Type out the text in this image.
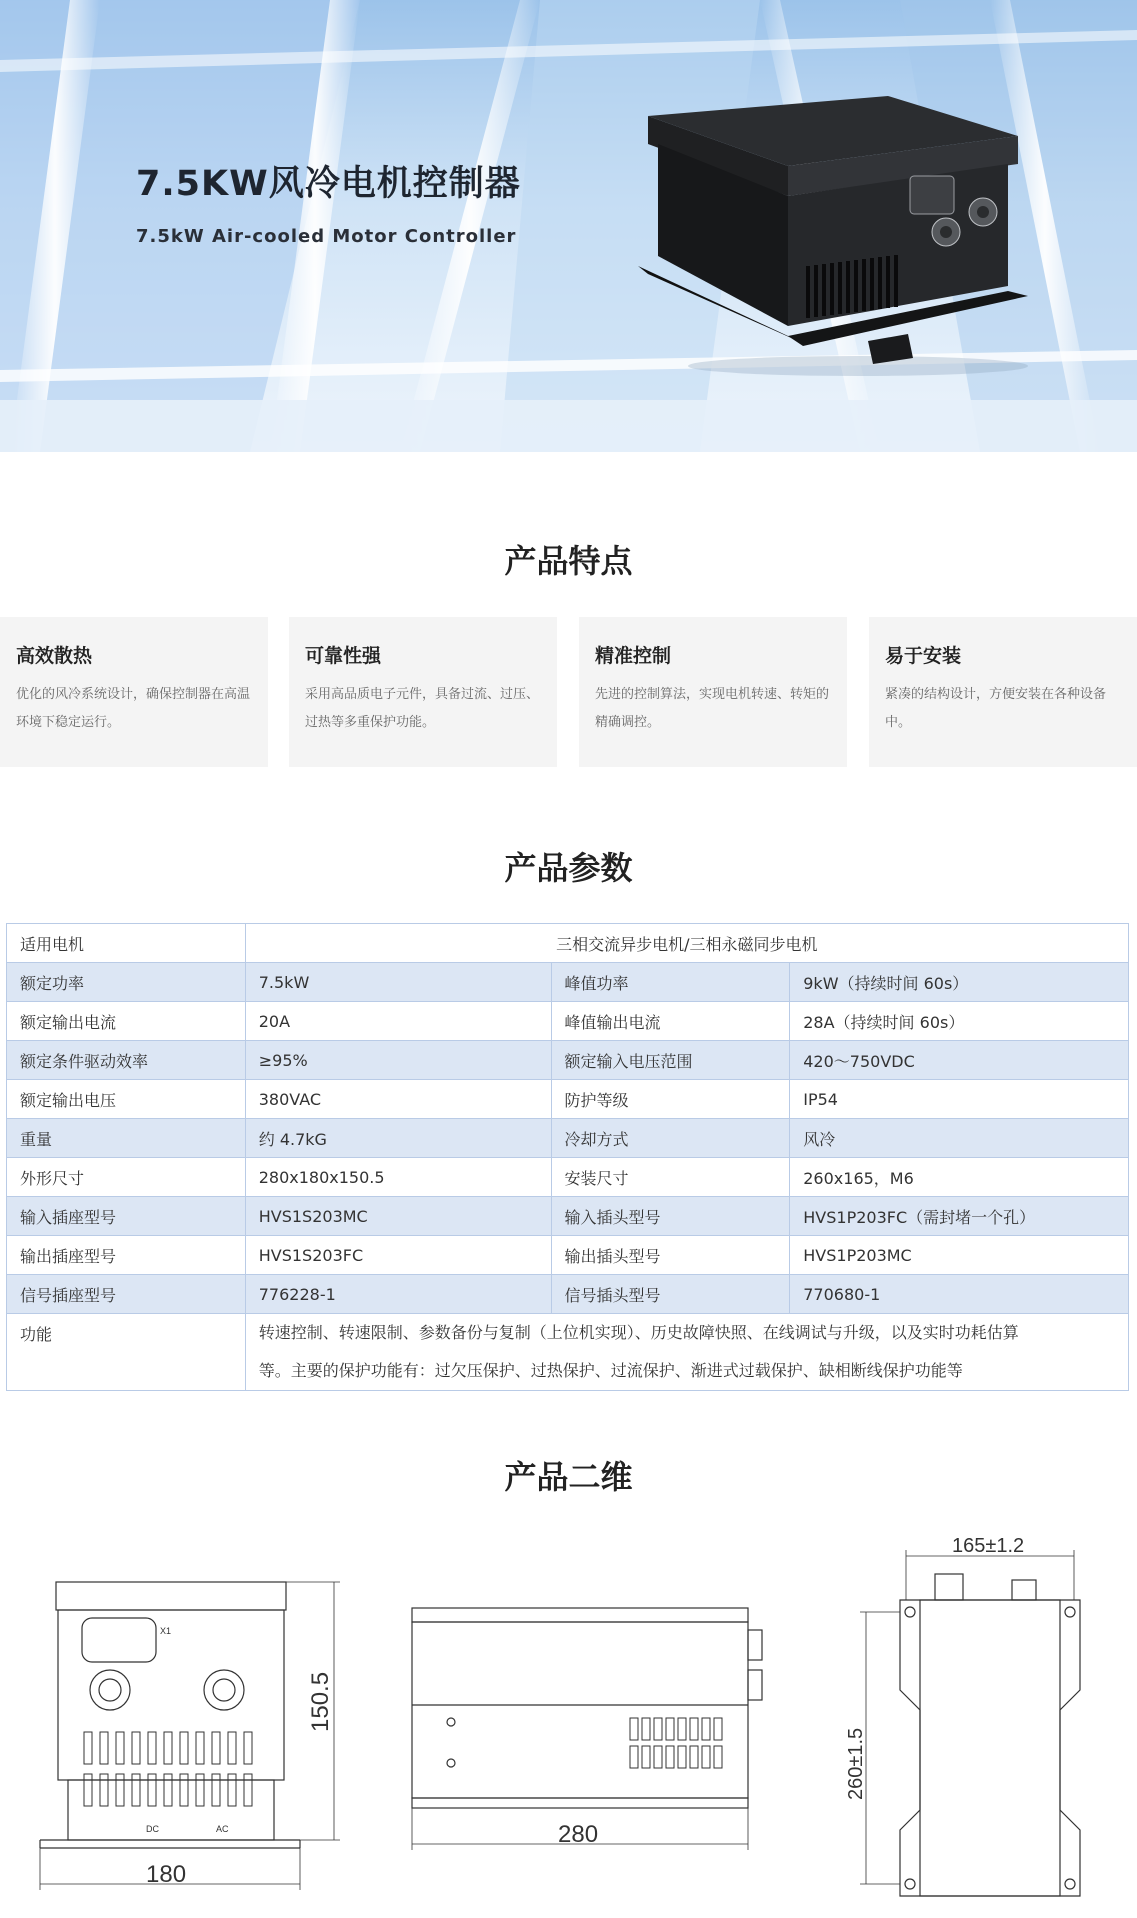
7.5KW风冷电机控制器
7.5kW Air-cooled Motor Controller
产品特点
高效散热
优化的风冷系统设计，确保控制器在高温环境下稳定运行。
可靠性强
采用高品质电子元件，具备过流、过压、过热等多重保护功能。
精准控制
先进的控制算法，实现电机转速、转矩的精确调控。
易于安装
紧凑的结构设计，方便安装在各种设备中。
产品参数
适用电机	三相交流异步电机/三相永磁同步电机		
额定功率	7.5kW	峰值功率	9kW（持续时间 60s）
额定输出电流	20A	峰值输出电流	28A（持续时间 60s）
额定条件驱动效率	≥95%	额定输入电压范围	420～750VDC
额定输出电压	380VAC	防护等级	IP54
重量	约 4.7kG	冷却方式	风冷
外形尺寸	280x180x150.5	安装尺寸	260x165，M6
输入插座型号	HVS1S203MC	输入插头型号	HVS1P203FC（需封堵一个孔）
输出插座型号	HVS1S203FC	输出插头型号	HVS1P203MC
信号插座型号	776228-1	信号插头型号	770680-1
功能	转速控制、转速限制、参数备份与复制（上位机实现）、历史故障快照、在线调试与升级，以及实时功耗估算
等。主要的保护功能有：过欠压保护、过热保护、过流保护、渐进式过载保护、缺相断线保护功能等		
产品二维
DC
X1
AC
180
150.5
280
165±1.2
260±1.5
